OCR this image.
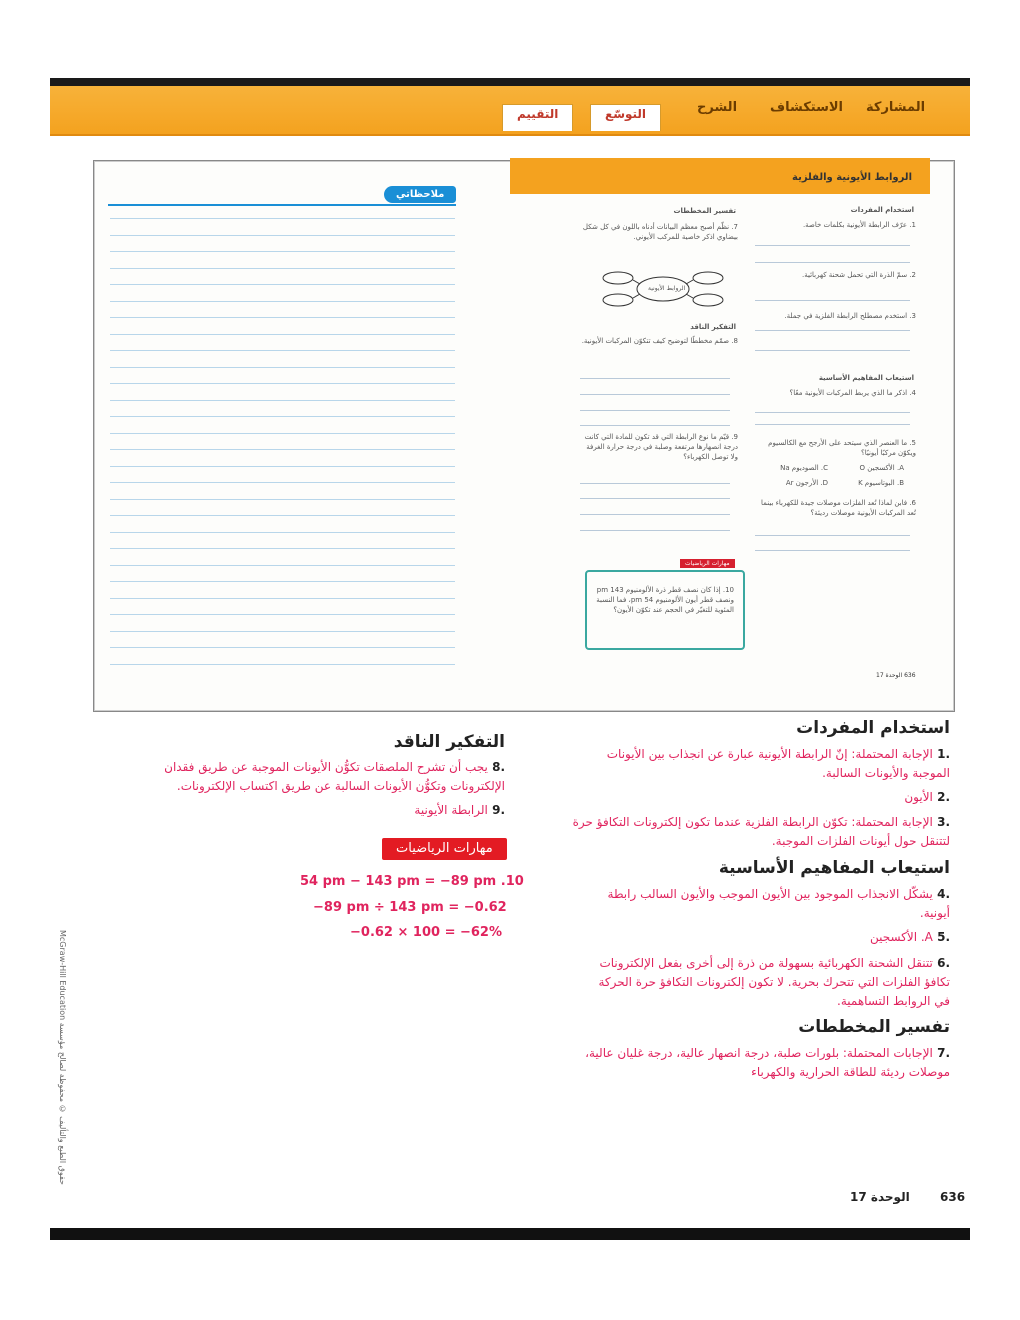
المشاركة
الاستكشاف
الشرح
التوسّع
التقييم
الروابط الأيونية والفلزية
ملاحظاتي
استخدام المفردات
1. عرّف الرابطة الأيونية بكلمات خاصة.
2. سمّ الذرة التي تحمل شحنة كهربائية.
3. استخدم مصطلح الرابطة الفلزية في جملة.
استيعاب المفاهيم الأساسية
4. اذكر ما الذي يربط المركبات الأيونية معًا؟
5. ما العنصر الذي سيتحد على الأرجح مع الكالسيوم ويكوّن مركبًا أيونيًا؟
A. الأكسجين O
B. البوتاسيوم K
C. الصوديوم Na
D. الأرجون Ar
6. فابن لماذا تُعد الفلزات موصلات جيدة للكهرباء بينما تُعد المركبات الأيونية موصلات رديئة؟
تفسير المخططات
7. نظّم أصبح معظم البيانات أدناه باللون في كل شكل بيضاوي اذكر خاصية للمركب الأيوني.
الروابط الأيونية
التفكير الناقد
8. صمّم مخططًا لتوضيح كيف تتكوّن المركبات الأيونية.
9. قيّم ما نوع الرابطة التي قد تكون للمادة التي كانت درجة انصهارها مرتفعة وصلبة في درجة حرارة الغرفة ولا توصل الكهرباء؟
مهارات الرياضيات
10. إذا كان نصف قطر ذرة الألومنيوم 143 pm ونصف قطر أيون الألومنيوم 54 pm، فما النسبة المئوية للتغيّر في الحجم عند تكوّن الأيون؟
636 الوحدة 17
استخدام المفردات
.1 الإجابة المحتملة: إنّ الرابطة الأيونية عبارة عن انجذاب بين الأيونات الموجبة والأيونات السالبة.
.2 الأيون
.3 الإجابة المحتملة: تكوّن الرابطة الفلزية عندما تكون إلكترونات التكافؤ حرة لتتنقل حول أيونات الفلزات الموجبة.
استيعاب المفاهيم الأساسية
.4 يشكّل الانجذاب الموجود بين الأيون الموجب والأيون السالب رابطة أيونية.
.5 A. الأكسجين
.6 تتنقل الشحنة الكهربائية بسهولة من ذرة إلى أخرى بفعل الإلكترونات تكافؤ الفلزات التي تتحرك بحرية. لا تكون إلكترونات التكافؤ حرة الحركة في الروابط التساهمية.
تفسير المخططات
.7 الإجابات المحتملة: بلورات صلبة، درجة انصهار عالية، درجة غليان عالية، موصلات رديئة للطاقة الحرارية والكهرباء
التفكير الناقد
.8 يجب أن تشرح الملصقات تكوُّن الأيونات الموجبة عن طريق فقدان الإلكترونات وتكوُّن الأيونات السالبة عن طريق اكتساب الإلكترونات.
.9 الرابطة الأيونية
مهارات الرياضيات
54 pm − 143 pm = −89 pm .10
−89 pm ÷ 143 pm = −0.62
−0.62 × 100 = −62%
حقوق الطبع والتأليف © محفوظة لصالح مؤسسة McGraw-Hill Education
الوحدة 17	636
